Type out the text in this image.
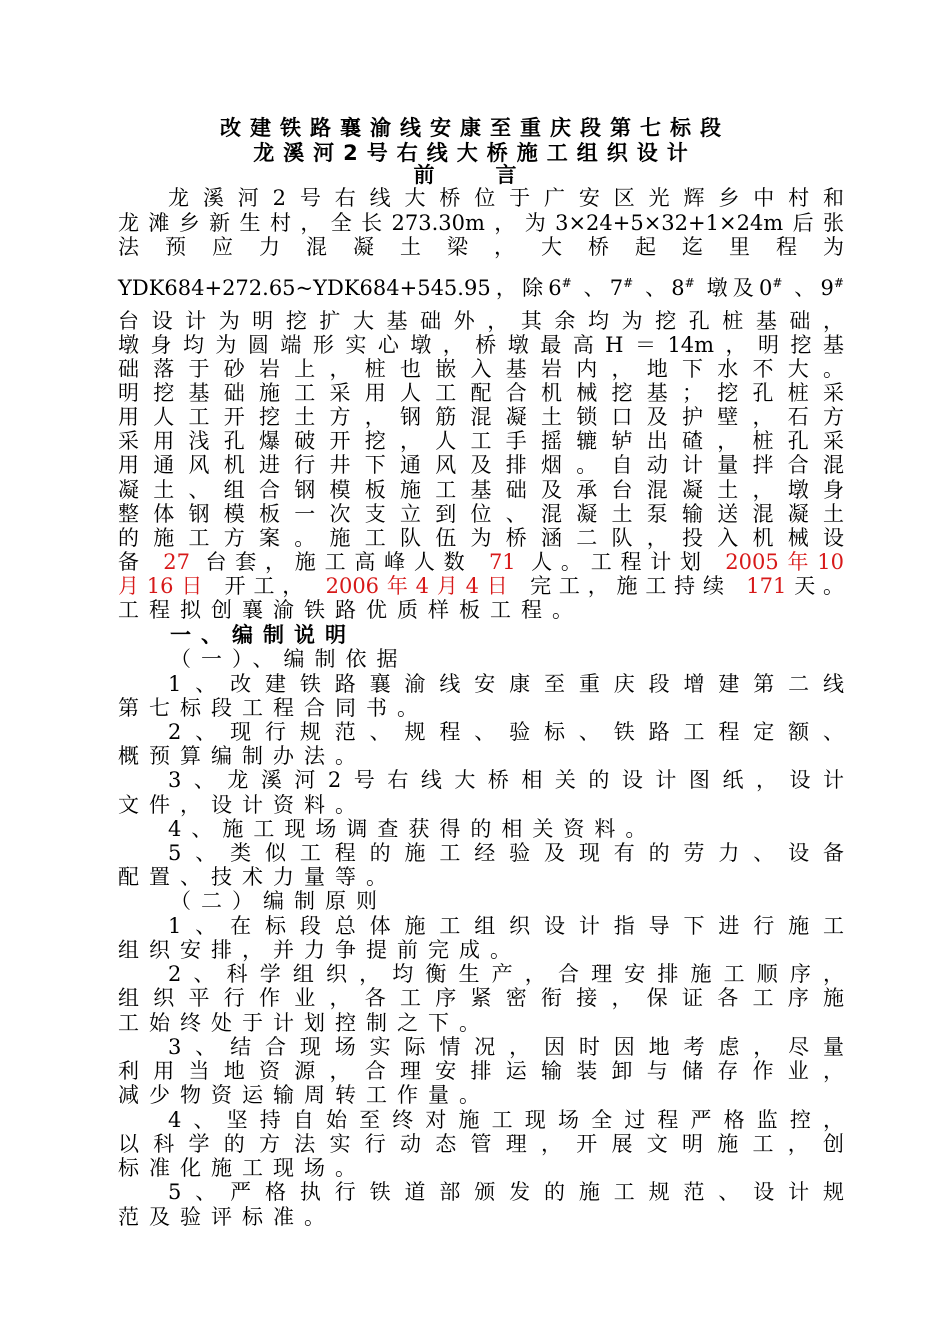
改建铁路襄渝线安康至重庆段第七标段
龙溪河2号右线大桥施工组织设计
前　言
龙溪河2号右线大桥位于广安区光辉乡中村和
龙滩乡新生村，全长273.30m，为3×24+5×32+1×24m后张
法预应力混凝土梁，大桥起迄里程为
YDK684+272.65~YDK684+545.95，除6# 、7# 、8# 墩及0# 、9#
台设计为明挖扩大基础外，其余均为挖孔桩基础，
墩身均为圆端形实心墩，桥墩最高H＝14m，明挖基
础落于砂岩上，桩也嵌入基岩内，地下水不大。
明挖基础施工采用人工配合机械挖基；挖孔桩采
用人工开挖土方，钢筋混凝土锁口及护壁，石方
采用浅孔爆破开挖，人工手摇辘轳出碴，桩孔采
用通风机进行井下通风及排烟。自动计量拌合混
凝土、组合钢模板施工基础及承台混凝土，墩身
整体钢模板一次支立到位、混凝土泵输送混凝土
的施工方案。施工队伍为桥涵二队，投入机械设
备 27 台套，施工高峰人数 71 人。工程计划 2005年10
月16日 开工， 2006年4月4日 完工，施工持续 171天。
工程拟创襄渝铁路优质样板工程。
一、编制说明
（一）、编制依据
1、改建铁路襄渝线安康至重庆段增建第二线
第七标段工程合同书。
2、现行规范、规程、验标、铁路工程定额、
概预算编制办法。
3、龙溪河2号右线大桥相关的设计图纸，设计
文件，设计资料。
4、施工现场调查获得的相关资料。
5、类似工程的施工经验及现有的劳力、设备
配置、技术力量等。
（二）编制原则
1、在标段总体施工组织设计指导下进行施工
组织安排，并力争提前完成。
2、科学组织，均衡生产，合理安排施工顺序，
组织平行作业，各工序紧密衔接，保证各工序施
工始终处于计划控制之下。
3、结合现场实际情况，因时因地考虑，尽量
利用当地资源，合理安排运输装卸与储存作业，
减少物资运输周转工作量。
4、坚持自始至终对施工现场全过程严格监控，
以科学的方法实行动态管理，开展文明施工，创
标准化施工现场。
5、严格执行铁道部颁发的施工规范、设计规
范及验评标准。
